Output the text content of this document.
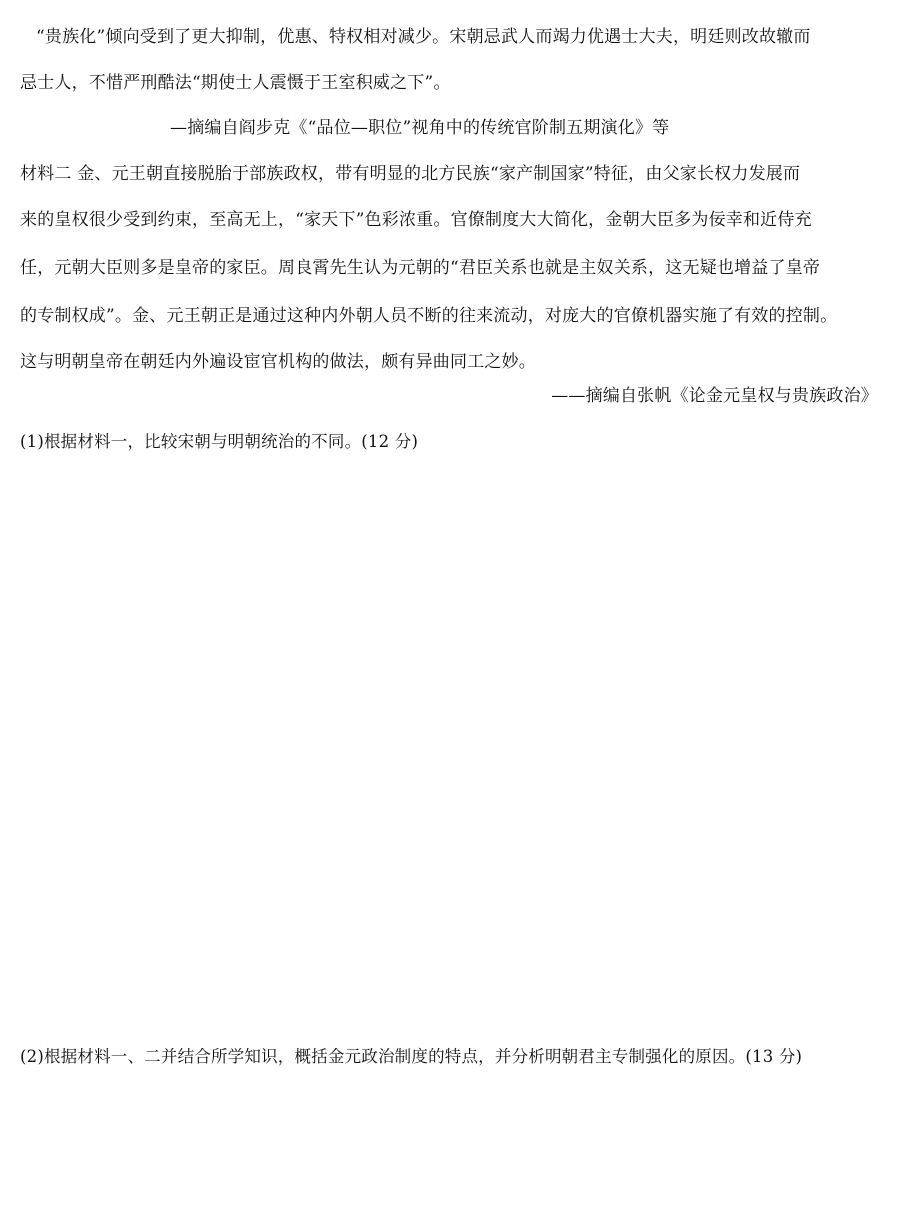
“贵族化”倾向受到了更大抑制，优惠、特权相对减少。宋朝忌武人而竭力优遇士大夫，明廷则改故辙而
忌士人，不惜严刑酷法“期使士人震慑于王室积威之下”。
—摘编自阎步克《“品位—职位”视角中的传统官阶制五期演化》等
材料二 金、元王朝直接脱胎于部族政权，带有明显的北方民族“家产制国家”特征，由父家长权力发展而
来的皇权很少受到约束，至高无上，“家天下”色彩浓重。官僚制度大大简化，金朝大臣多为佞幸和近侍充
任，元朝大臣则多是皇帝的家臣。周良霄先生认为元朝的“君臣关系也就是主奴关系，这无疑也增益了皇帝
的专制权成”。金、元王朝正是通过这种内外朝人员不断的往来流动，对庞大的官僚机器实施了有效的控制。
这与明朝皇帝在朝廷内外遍设宦官机构的做法，颇有异曲同工之妙。
——摘编自张帆《论金元皇权与贵族政治》
(1)根据材料一，比较宋朝与明朝统治的不同。(12 分)
(2)根据材料一、二并结合所学知识，概括金元政治制度的特点，并分析明朝君主专制强化的原因。(13 分)
